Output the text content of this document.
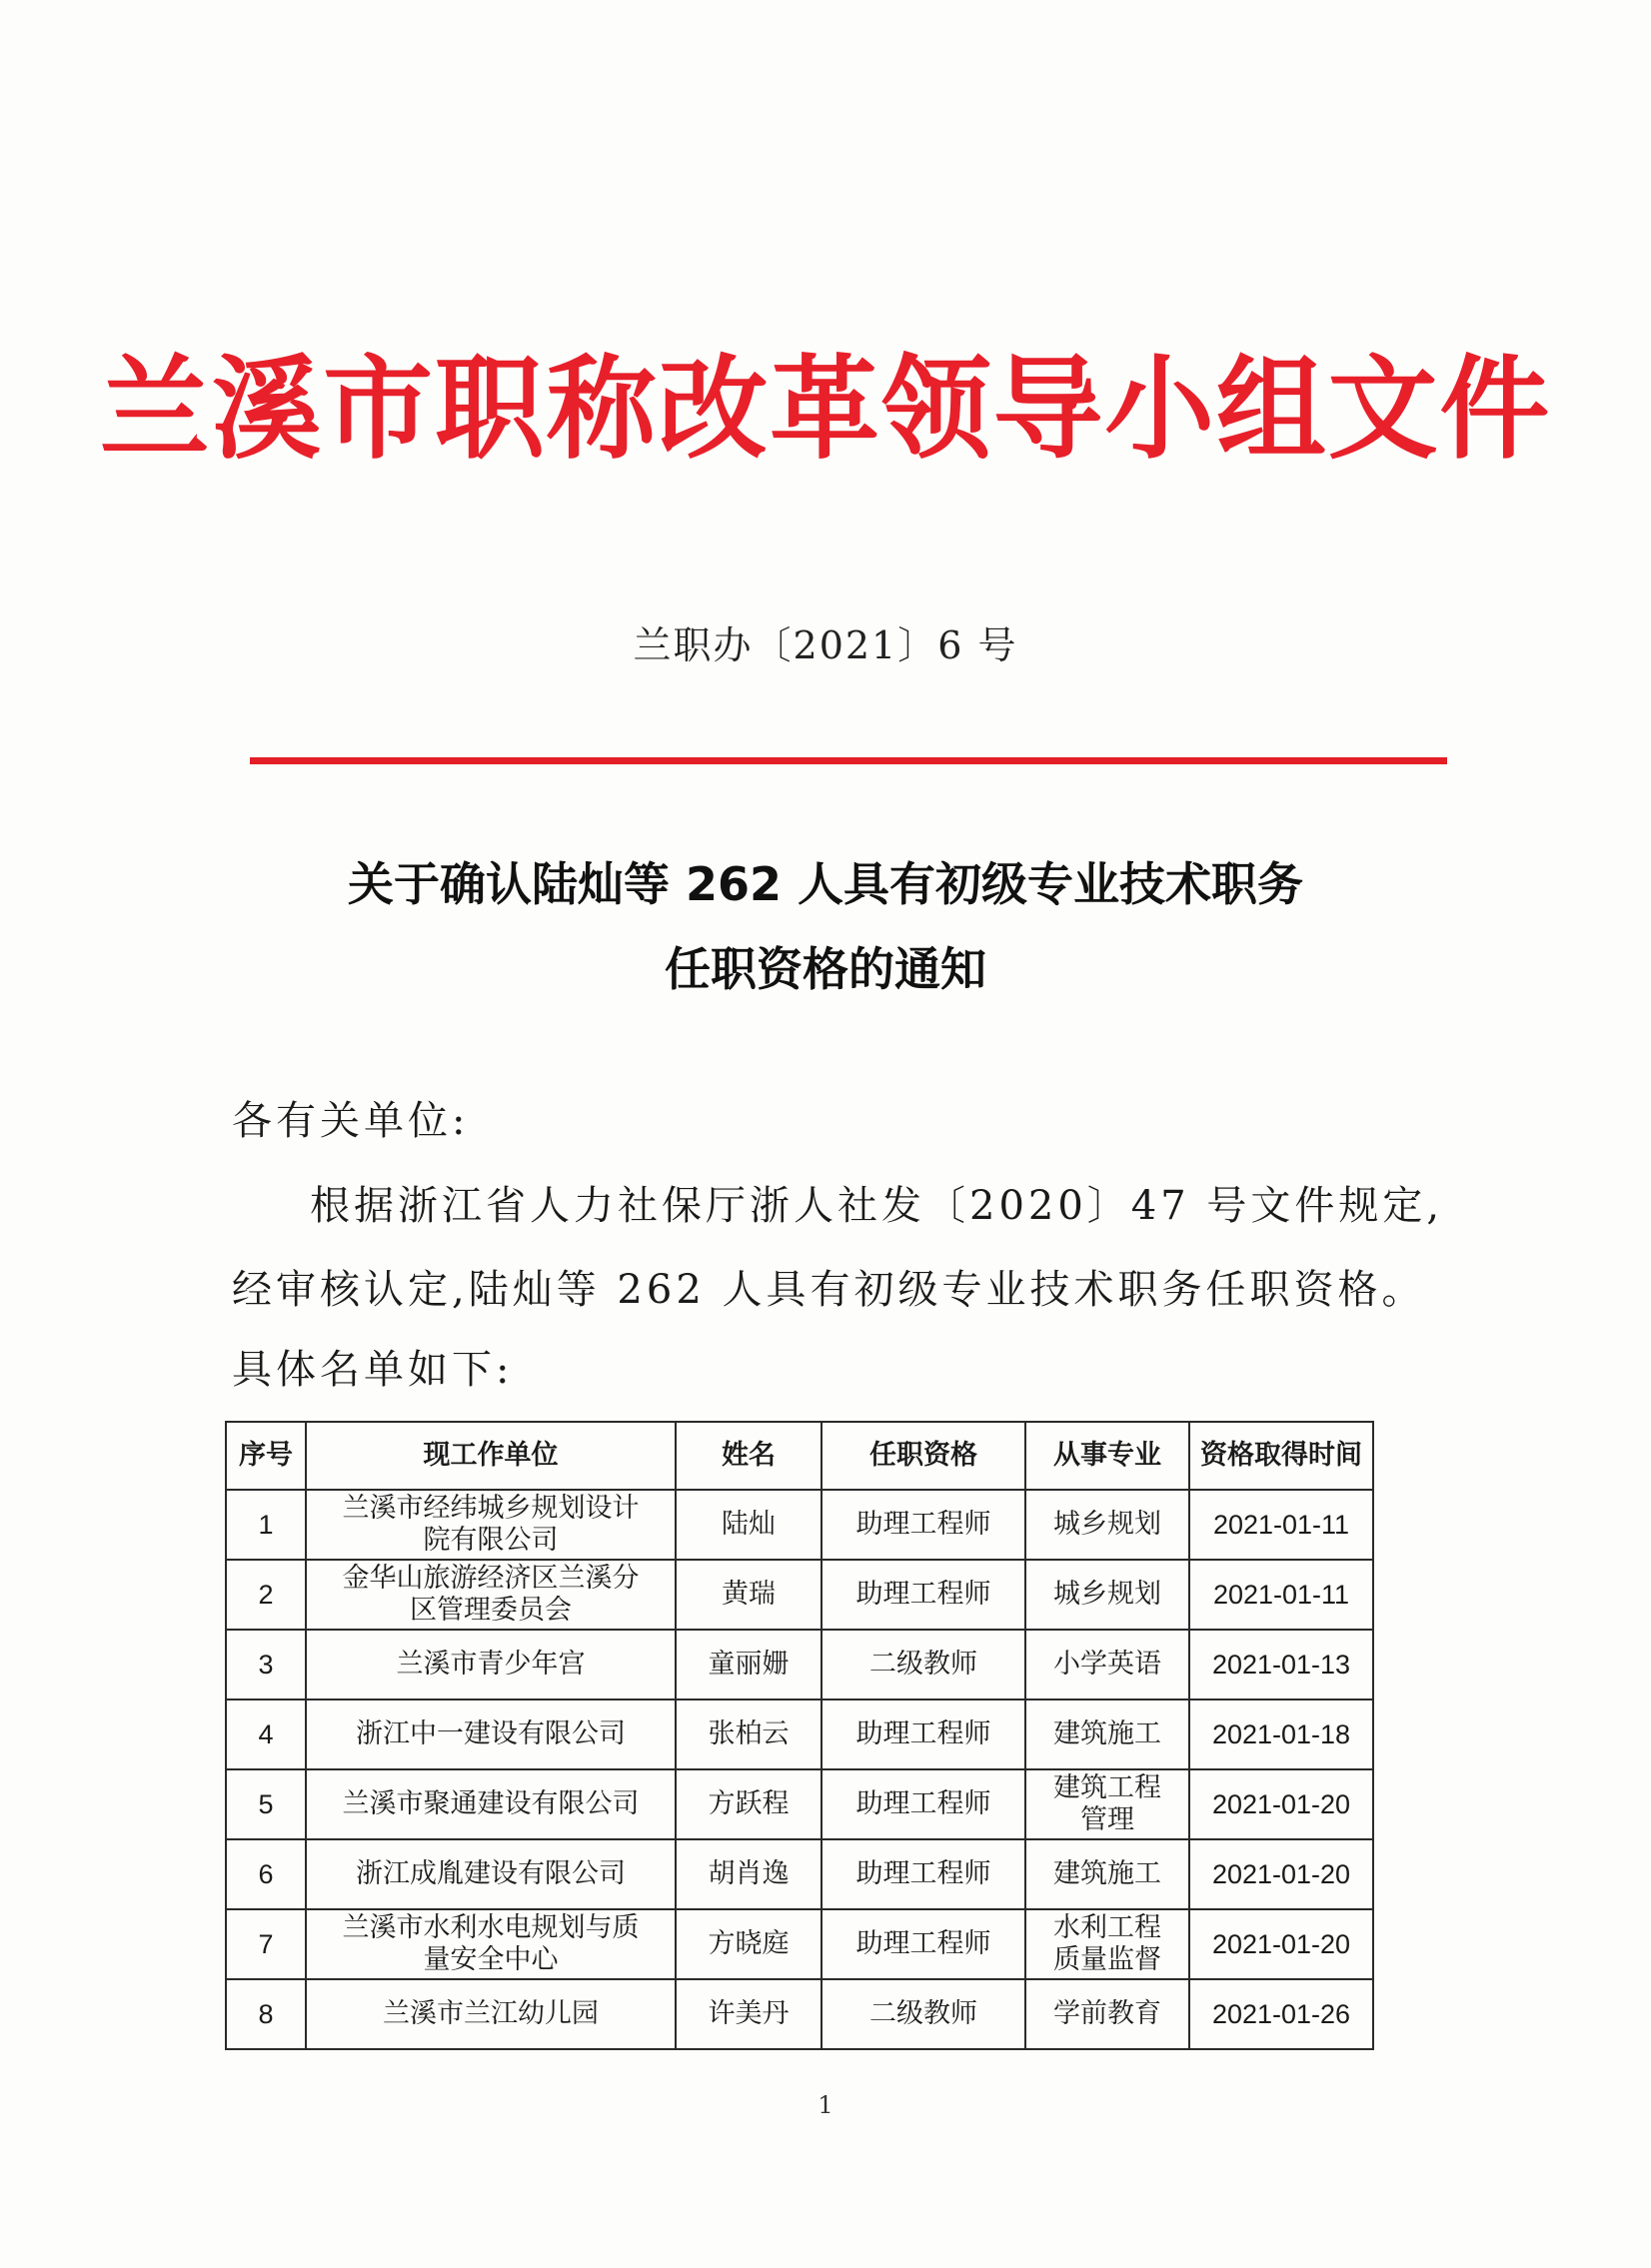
兰溪市职称改革领导小组文件
兰职办〔2021〕6 号
关于确认陆灿等 262 人具有初级专业技术职务
任职资格的通知
各有关单位:
根据浙江省人力社保厅浙人社发〔2020〕47 号文件规定,
经审核认定,陆灿等 262 人具有初级专业技术职务任职资格。
具体名单如下:
序号	现工作单位	姓名	任职资格	从事专业	资格取得时间

1	兰溪市经纬城乡规划设计院有限公司	陆灿	助理工程师	城乡规划	2021-01-11

2	金华山旅游经济区兰溪分区管理委员会	黄瑞	助理工程师	城乡规划	2021-01-11

3	兰溪市青少年宫	童丽姗	二级教师	小学英语	2021-01-13

4	浙江中一建设有限公司	张柏云	助理工程师	建筑施工	2021-01-18

5	兰溪市聚通建设有限公司	方跃程	助理工程师	建筑工程管理	2021-01-20

6	浙江成胤建设有限公司	胡肖逸	助理工程师	建筑施工	2021-01-20

7	兰溪市水利水电规划与质量安全中心	方晓庭	助理工程师	水利工程质量监督	2021-01-20

8	兰溪市兰江幼儿园	许美丹	二级教师	学前教育	2021-01-26
1
